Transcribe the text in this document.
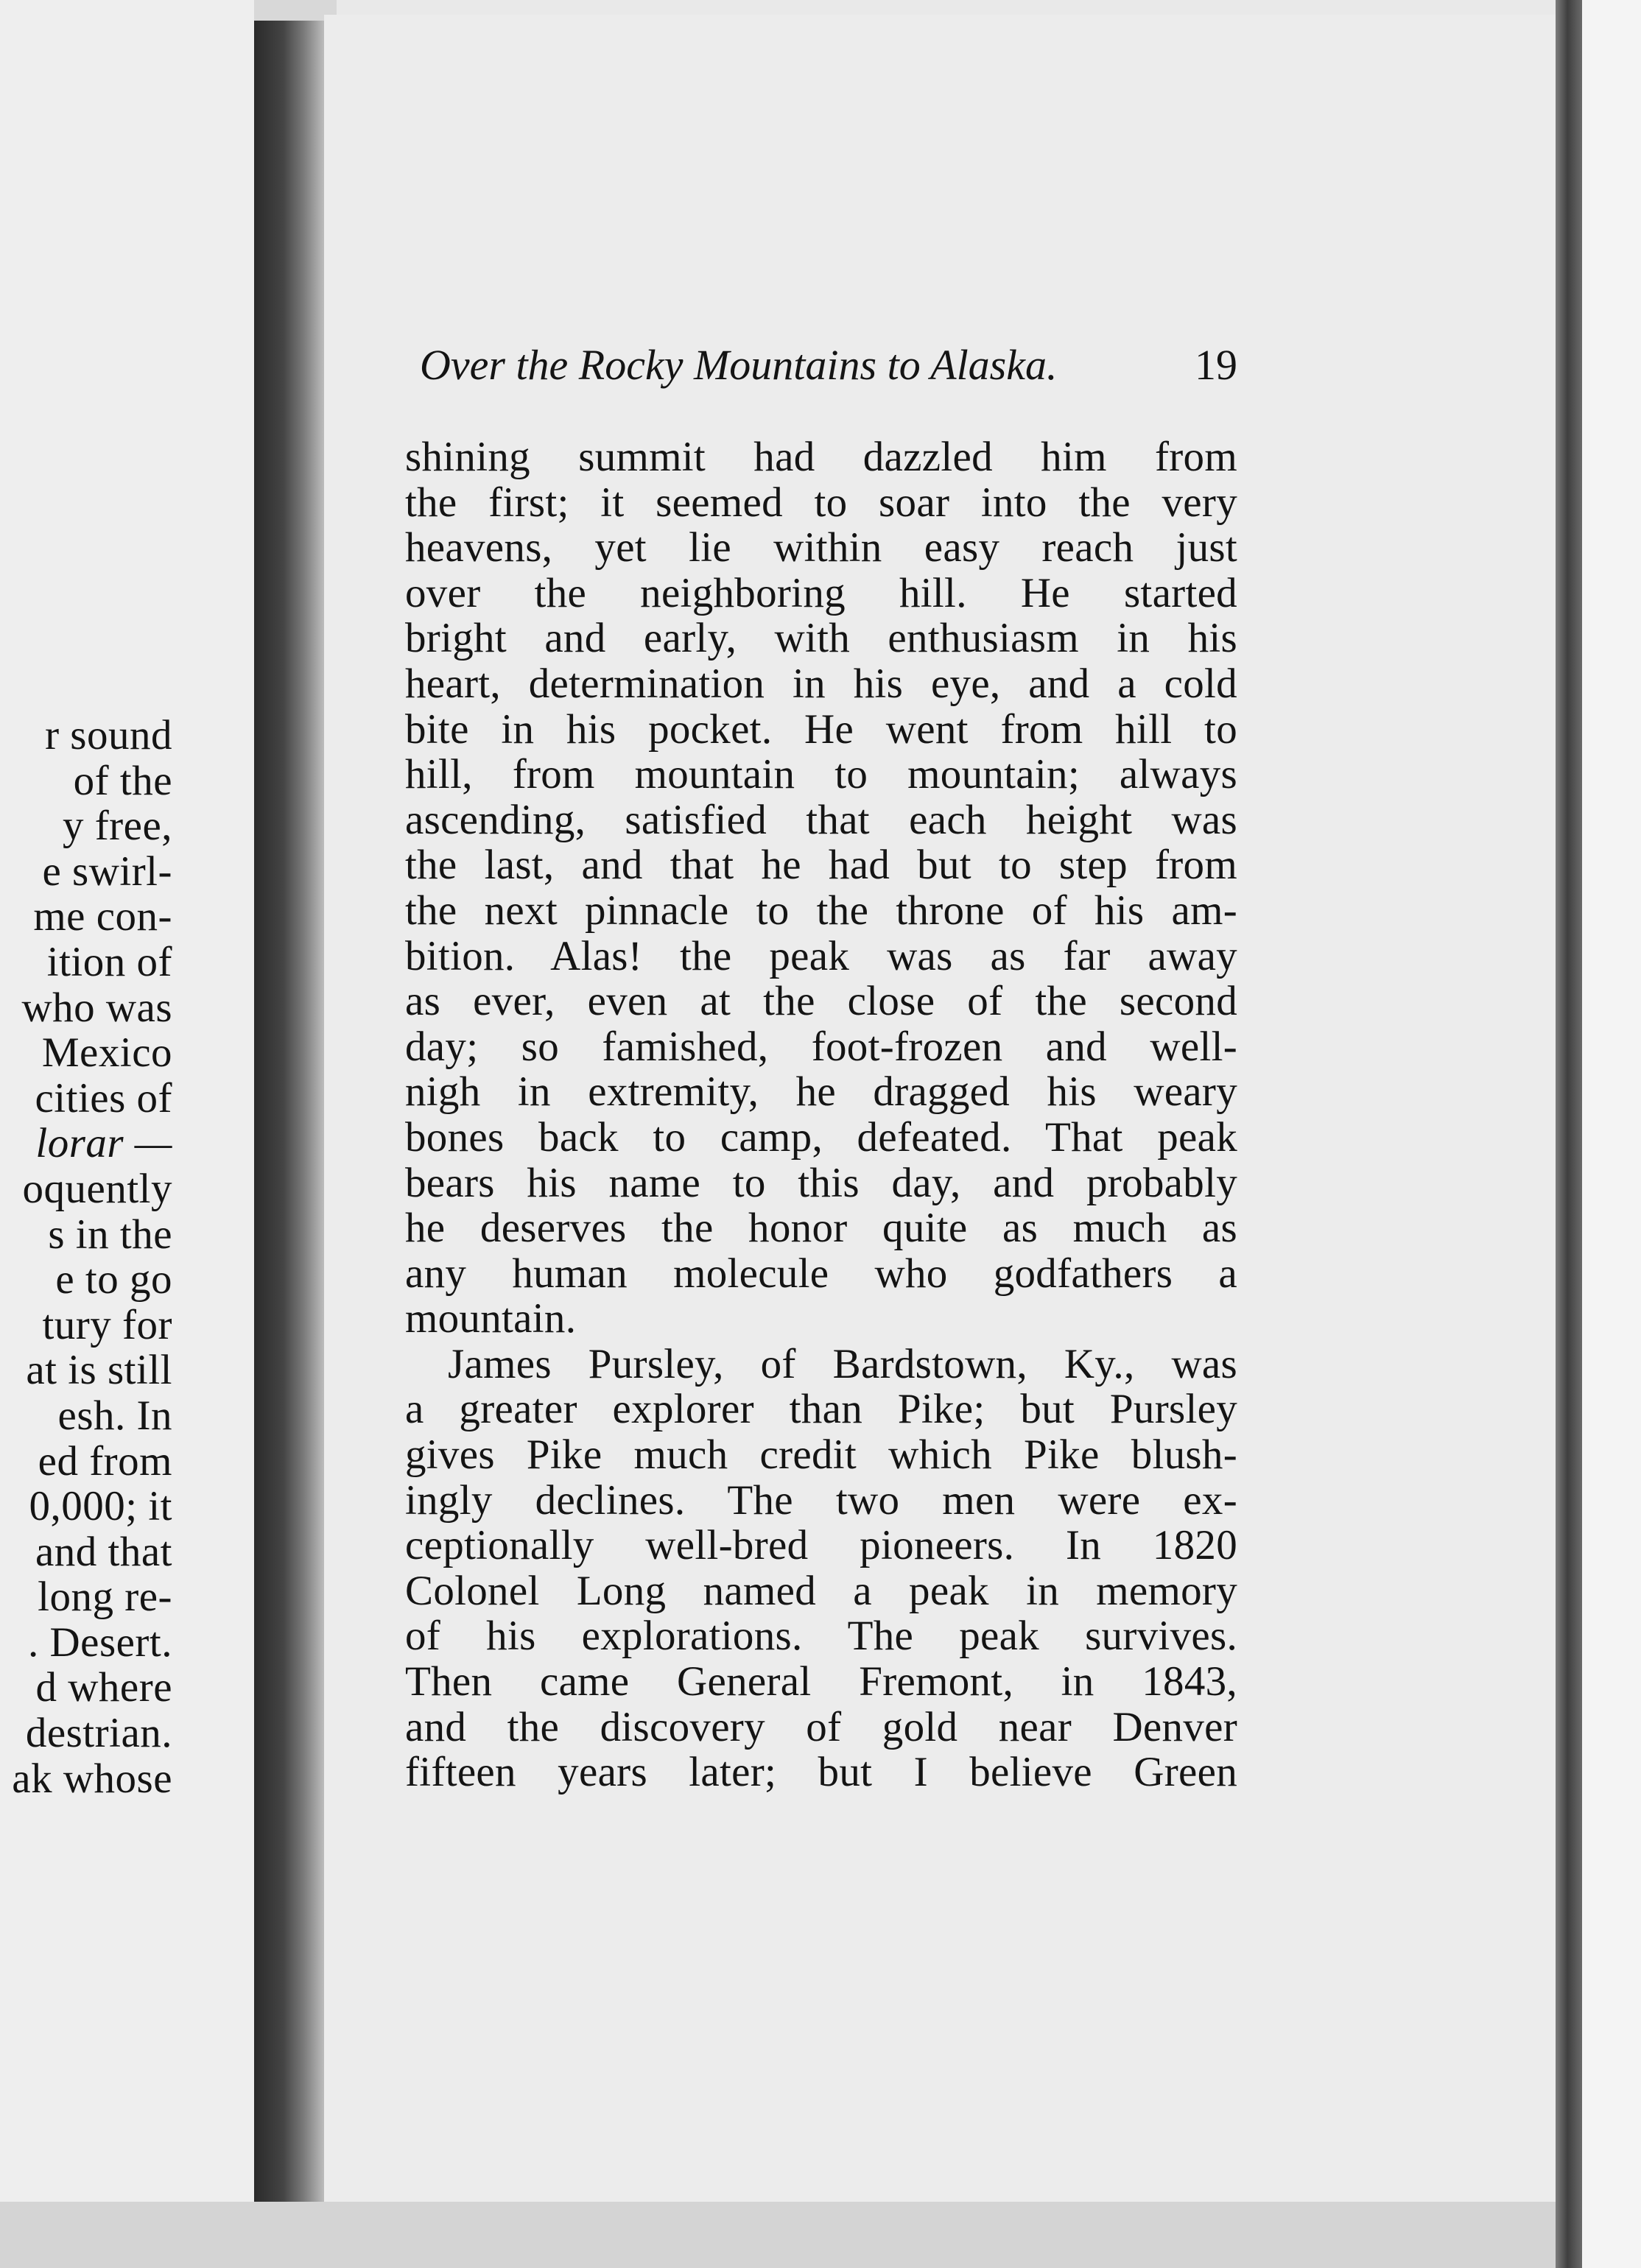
r sound
of the
y free,
e swirl-
me con-
ition of
who was
Mexico
cities of
lorar —
oquently
s in the
e to go
tury for
at is still
esh. In
ed from
0,000; it
and that
long re-
. Desert.
d where
destrian.
ak whose
Over the Rocky Mountains to Alaska.	19
shining summit had dazzled him from
the first; it seemed to soar into the very
heavens, yet lie within easy reach just
over the neighboring hill. He started
bright and early, with enthusiasm in his
heart, determination in his eye, and a cold
bite in his pocket. He went from hill to
hill, from mountain to mountain; always
ascending, satisfied that each height was
the last, and that he had but to step from
the next pinnacle to the throne of his am-
bition. Alas! the peak was as far away
as ever, even at the close of the second
day; so famished, foot-frozen and well-
nigh in extremity, he dragged his weary
bones back to camp, defeated. That peak
bears his name to this day, and probably
he deserves the honor quite as much as
any human molecule who godfathers a
mountain.
James Pursley, of Bardstown, Ky., was
a greater explorer than Pike; but Pursley
gives Pike much credit which Pike blush-
ingly declines. The two men were ex-
ceptionally well-bred pioneers. In 1820
Colonel Long named a peak in memory
of his explorations. The peak survives.
Then came General Fremont, in 1843,
and the discovery of gold near Denver
fifteen years later; but I believe Green
